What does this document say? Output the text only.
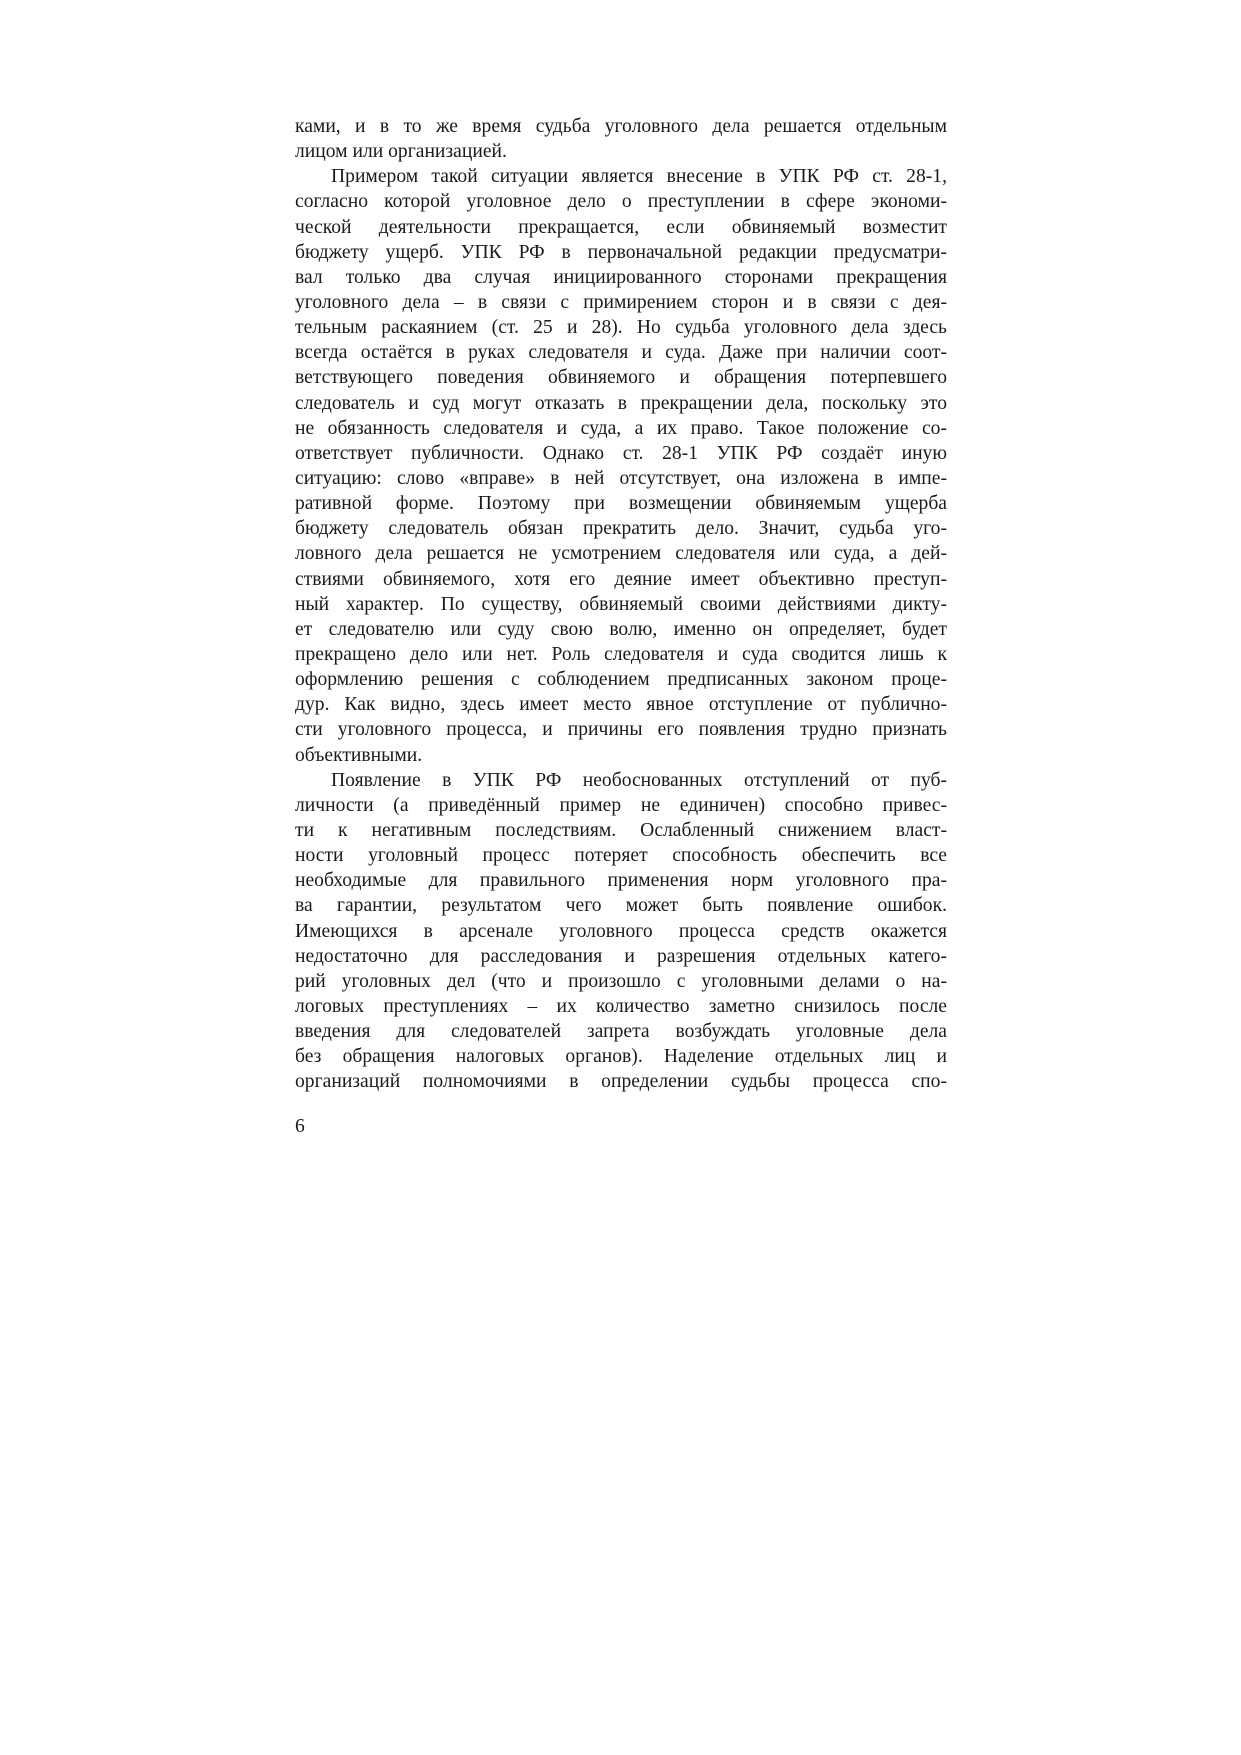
ками, и в то же время судьба уголовного дела решается отдельным
лицом или организацией.
Примером такой ситуации является внесение в УПК РФ ст. 28-1,
согласно которой уголовное дело о преступлении в сфере экономи-
ческой деятельности прекращается, если обвиняемый возместит
бюджету ущерб. УПК РФ в первоначальной редакции предусматри-
вал только два случая инициированного сторонами прекращения
уголовного дела – в связи с примирением сторон и в связи с дея-
тельным раскаянием (ст. 25 и 28). Но судьба уголовного дела здесь
всегда остаётся в руках следователя и суда. Даже при наличии соот-
ветствующего поведения обвиняемого и обращения потерпевшего
следователь и суд могут отказать в прекращении дела, поскольку это
не обязанность следователя и суда, а их право. Такое положение со-
ответствует публичности. Однако ст. 28-1 УПК РФ создаёт иную
ситуацию: слово «вправе» в ней отсутствует, она изложена в импе-
ративной форме. Поэтому при возмещении обвиняемым ущерба
бюджету следователь обязан прекратить дело. Значит, судьба уго-
ловного дела решается не усмотрением следователя или суда, а дей-
ствиями обвиняемого, хотя его деяние имеет объективно преступ-
ный характер. По существу, обвиняемый своими действиями дикту-
ет следователю или суду свою волю, именно он определяет, будет
прекращено дело или нет. Роль следователя и суда сводится лишь к
оформлению решения с соблюдением предписанных законом проце-
дур. Как видно, здесь имеет место явное отступление от публично-
сти уголовного процесса, и причины его появления трудно признать
объективными.
Появление в УПК РФ необоснованных отступлений от пуб-
личности (а приведённый пример не единичен) способно привес-
ти к негативным последствиям. Ослабленный снижением власт-
ности уголовный процесс потеряет способность обеспечить все
необходимые для правильного применения норм уголовного пра-
ва гарантии, результатом чего может быть появление ошибок.
Имеющихся в арсенале уголовного процесса средств окажется
недостаточно для расследования и разрешения отдельных катего-
рий уголовных дел (что и произошло с уголовными делами о на-
логовых преступлениях – их количество заметно снизилось после
введения для следователей запрета возбуждать уголовные дела
без обращения налоговых органов). Наделение отдельных лиц и
организаций полномочиями в определении судьбы процесса спо-
6
